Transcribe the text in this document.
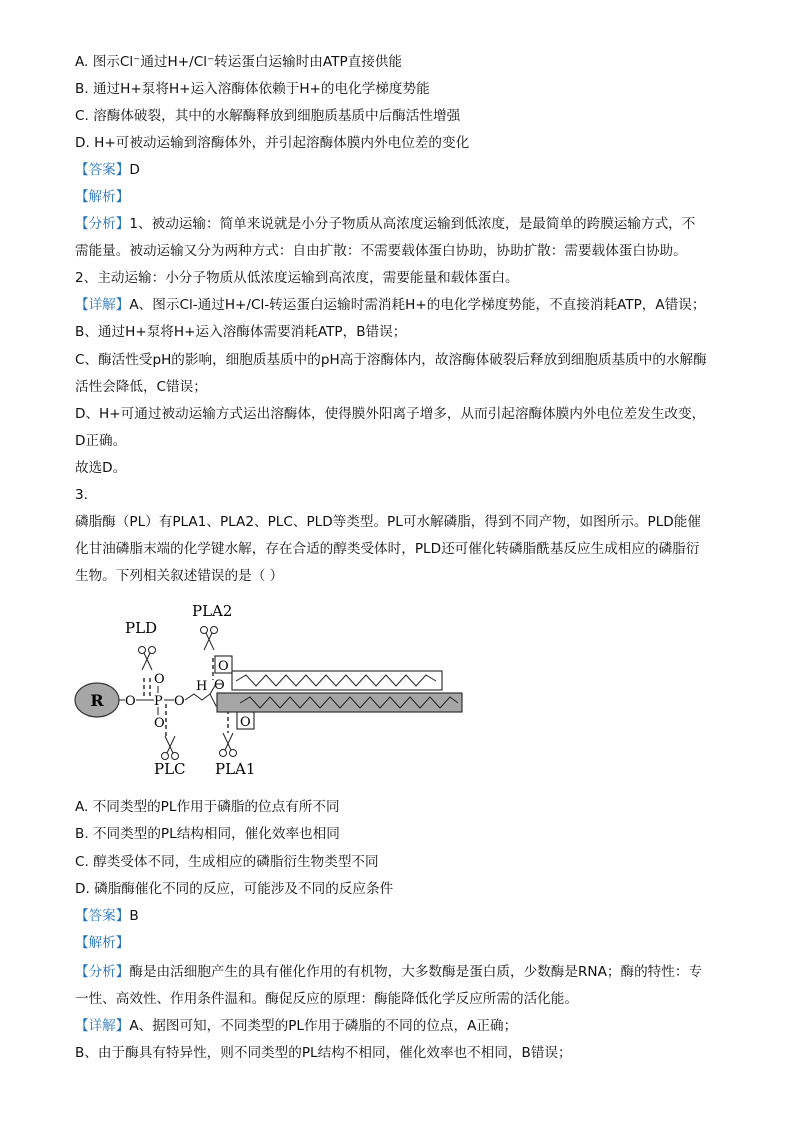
A. 图示Cl⁻通过H+/Cl⁻转运蛋白运输时由ATP直接供能
B. 通过H+泵将H+运入溶酶体依赖于H+的电化学梯度势能
C. 溶酶体破裂，其中的水解酶释放到细胞质基质中后酶活性增强
D. H+可被动运输到溶酶体外，并引起溶酶体膜内外电位差的变化
【答案】D
【解析】
【分析】1、被动运输：简单来说就是小分子物质从高浓度运输到低浓度，是最简单的跨膜运输方式，不
需能量。被动运输又分为两种方式：自由扩散：不需要载体蛋白协助，协助扩散：需要载体蛋白协助。
2、主动运输：小分子物质从低浓度运输到高浓度，需要能量和载体蛋白。
【详解】A、图示Cl-通过H+/Cl-转运蛋白运输时需消耗H+的电化学梯度势能，不直接消耗ATP，A错误；
B、通过H+泵将H+运入溶酶体需要消耗ATP，B错误；
C、酶活性受pH的影响，细胞质基质中的pH高于溶酶体内，故溶酶体破裂后释放到细胞质基质中的水解酶
活性会降低，C错误；
D、H+可通过被动运输方式运出溶酶体，使得膜外阳离子增多，从而引起溶酶体膜内外电位差发生改变，
D正确。
故选D。
3.
磷脂酶（PL）有PLA1、PLA2、PLC、PLD等类型。PL可水解磷脂，得到不同产物，如图所示。PLD能催
化甘油磷脂末端的化学键水解，存在合适的醇类受体时，PLD还可催化转磷脂酰基反应生成相应的磷脂衍
生物。下列相关叙述错误的是（ ）
R O P
O
O
O
H O
O
O
PLD
PLA2
PLC PLA1
A. 不同类型的PL作用于磷脂的位点有所不同
B. 不同类型的PL结构相同，催化效率也相同
C. 醇类受体不同，生成相应的磷脂衍生物类型不同
D. 磷脂酶催化不同的反应，可能涉及不同的反应条件
【答案】B
【解析】
【分析】酶是由活细胞产生的具有催化作用的有机物，大多数酶是蛋白质，少数酶是RNA；酶的特性：专
一性、高效性、作用条件温和。酶促反应的原理：酶能降低化学反应所需的活化能。
【详解】A、据图可知，不同类型的PL作用于磷脂的不同的位点，A正确；
B、由于酶具有特异性，则不同类型的PL结构不相同，催化效率也不相同，B错误；
